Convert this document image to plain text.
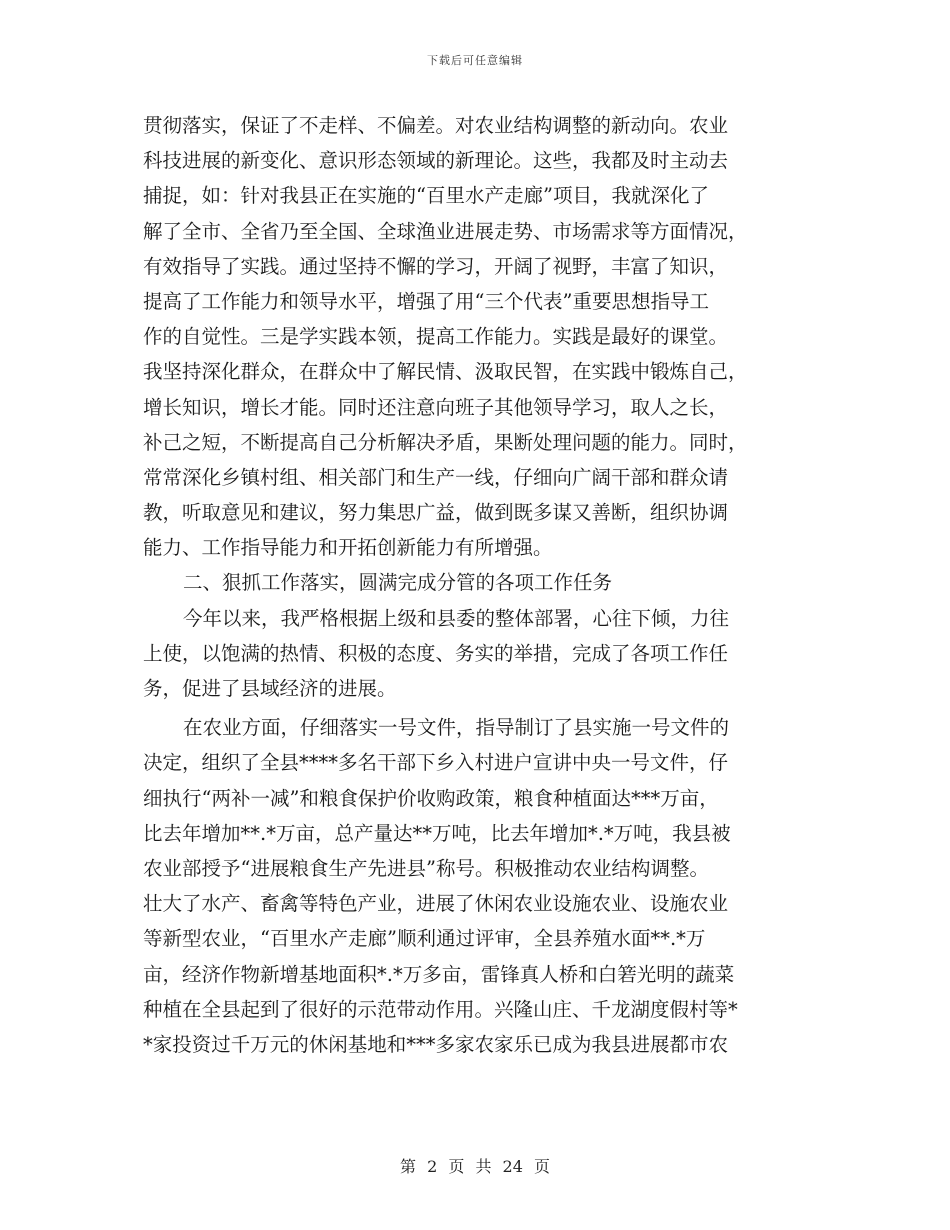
下载后可任意编辑
贯彻落实，保证了不走样、不偏差。对农业结构调整的新动向。农业
科技进展的新变化、意识形态领域的新理论。这些，我都及时主动去
捕捉，如：针对我县正在实施的“百里水产走廊”项目，我就深化了
解了全市、全省乃至全国、全球渔业进展走势、市场需求等方面情况，
有效指导了实践。通过坚持不懈的学习，开阔了视野，丰富了知识，
提高了工作能力和领导水平，增强了用“三个代表”重要思想指导工
作的自觉性。三是学实践本领，提高工作能力。实践是最好的课堂。
我坚持深化群众，在群众中了解民情、汲取民智，在实践中锻炼自己，
增长知识，增长才能。同时还注意向班子其他领导学习，取人之长，
补己之短，不断提高自己分析解决矛盾，果断处理问题的能力。同时，
常常深化乡镇村组、相关部门和生产一线，仔细向广阔干部和群众请
教，听取意见和建议，努力集思广益，做到既多谋又善断，组织协调
能力、工作指导能力和开拓创新能力有所增强。
二、狠抓工作落实，圆满完成分管的各项工作任务
今年以来，我严格根据上级和县委的整体部署，心往下倾，力往
上使，以饱满的热情、积极的态度、务实的举措，完成了各项工作任
务，促进了县域经济的进展。
在农业方面，仔细落实一号文件，指导制订了县实施一号文件的
决定，组织了全县****多名干部下乡入村进户宣讲中央一号文件，仔
细执行“两补一减”和粮食保护价收购政策，粮食种植面达***万亩，
比去年增加**.*万亩，总产量达**万吨，比去年增加*.*万吨，我县被
农业部授予“进展粮食生产先进县”称号。积极推动农业结构调整。
壮大了水产、畜禽等特色产业，进展了休闲农业设施农业、设施农业
等新型农业，“百里水产走廊”顺利通过评审，全县养殖水面**.*万
亩，经济作物新增基地面积*.*万多亩，雷锋真人桥和白箬光明的蔬菜
种植在全县起到了很好的示范带动作用。兴隆山庄、千龙湖度假村等*
*家投资过千万元的休闲基地和***多家农家乐已成为我县进展都市农
第 2 页 共 24 页
